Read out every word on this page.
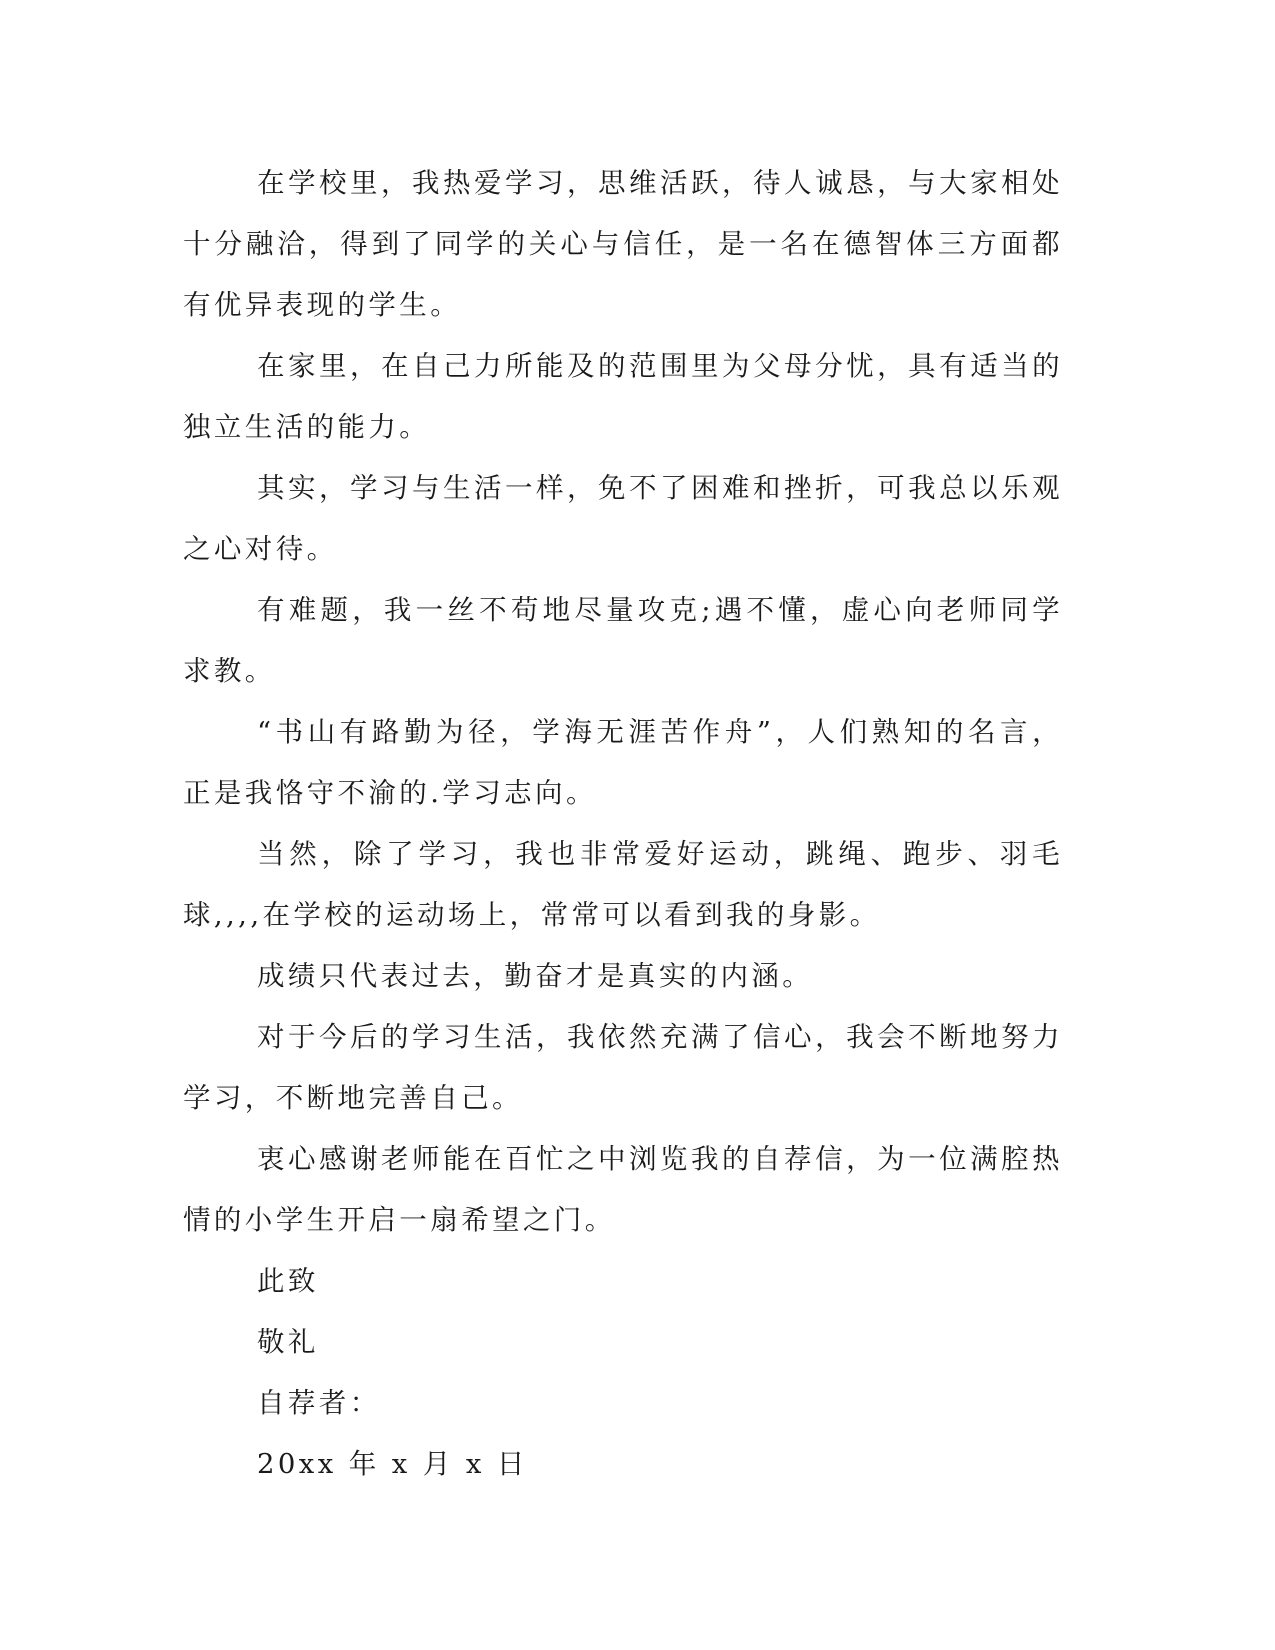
在学校里，我热爱学习，思维活跃，待人诚恳，与大家相处十分融洽，得到了同学的关心与信任，是一名在德智体三方面都有优异表现的学生。

在家里，在自己力所能及的范围里为父母分忧，具有适当的独立生活的能力。

其实，学习与生活一样，免不了困难和挫折，可我总以乐观之心对待。

有难题，我一丝不苟地尽量攻克;遇不懂，虚心向老师同学求教。

“书山有路勤为径，学海无涯苦作舟”，人们熟知的名言，正是我恪守不渝的.学习志向。

当然，除了学习，我也非常爱好运动，跳绳、跑步、羽毛球,,,,在学校的运动场上，常常可以看到我的身影。

成绩只代表过去，勤奋才是真实的内涵。

对于今后的学习生活，我依然充满了信心，我会不断地努力学习，不断地完善自己。

衷心感谢老师能在百忙之中浏览我的自荐信，为一位满腔热情的小学生开启一扇希望之门。

此致

敬礼

自荐者：

20xx 年 x 月 x 日
